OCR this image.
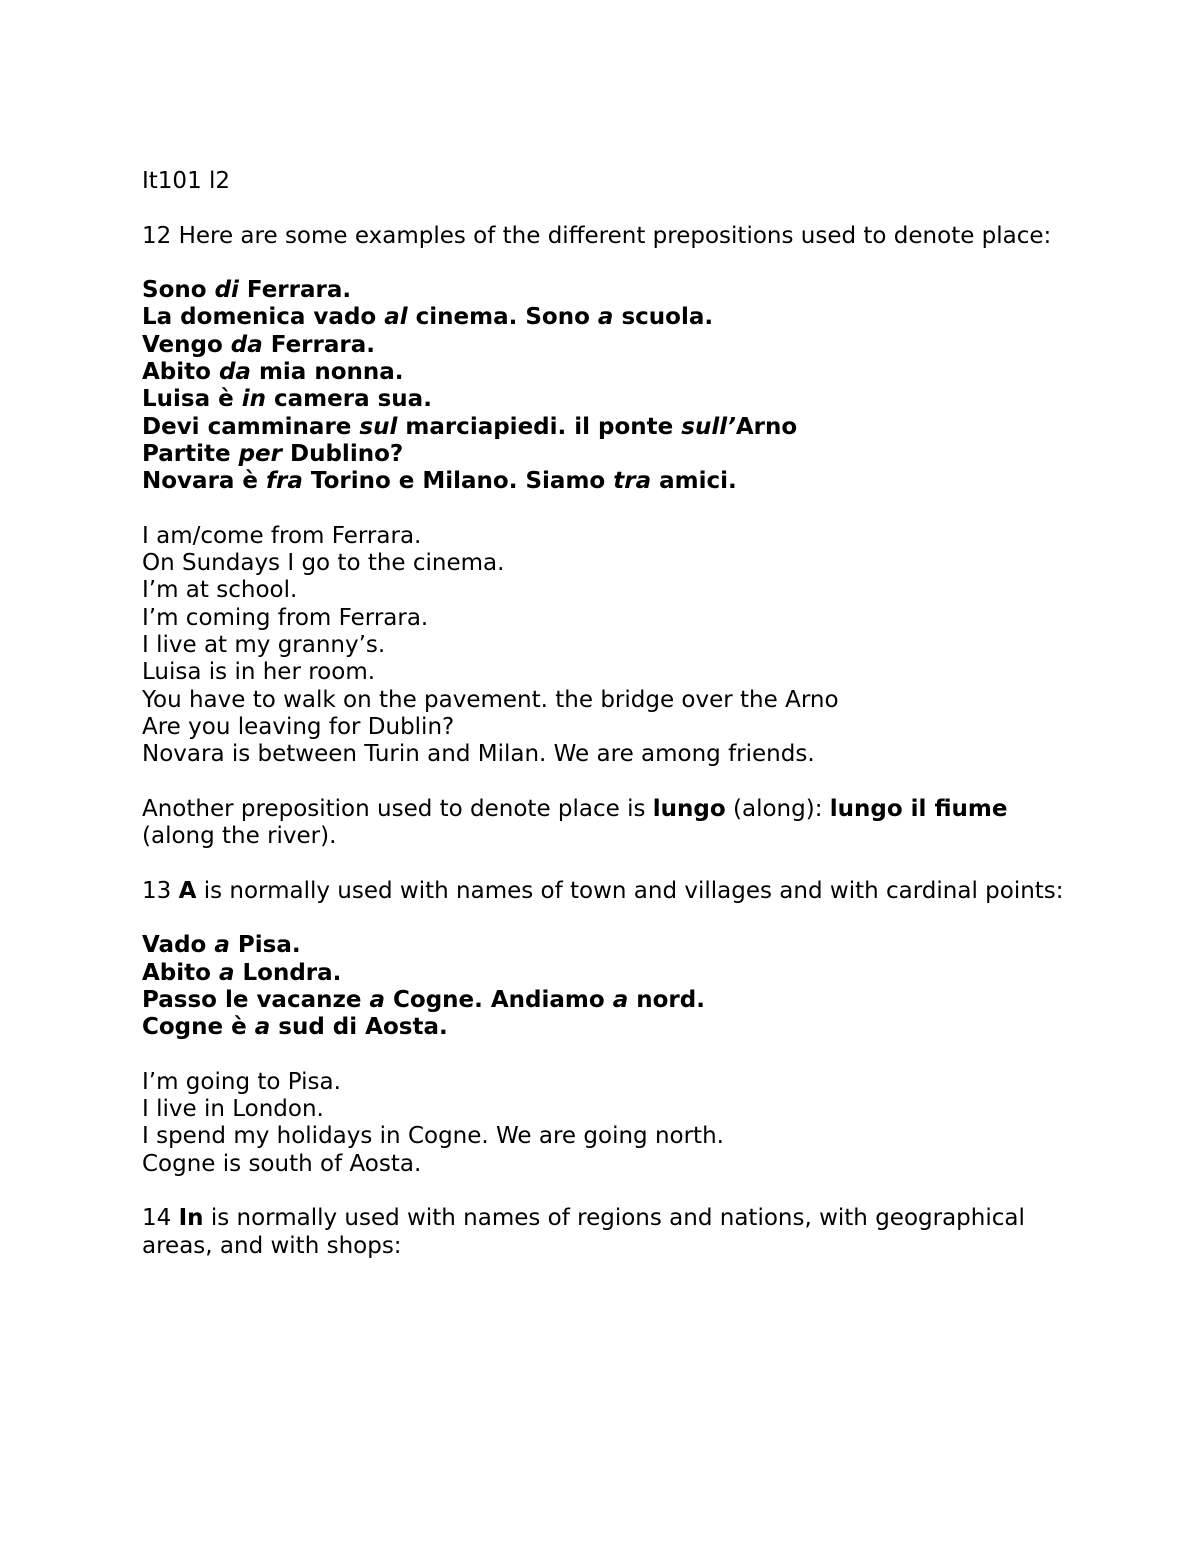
It101 l2

12 Here are some examples of the different prepositions used to denote place:

Sono di Ferrara.

La domenica vado al cinema. Sono a scuola.

Vengo da Ferrara.

Abito da mia nonna.

Luisa è in camera sua.

Devi camminare sul marciapiedi. il ponte sull’Arno

Partite per Dublino?

Novara è fra Torino e Milano. Siamo tra amici.

I am/come from Ferrara.

On Sundays I go to the cinema.

I’m at school.

I’m coming from Ferrara.

I live at my granny’s.

Luisa is in her room.

You have to walk on the pavement. the bridge over the Arno

Are you leaving for Dublin?

Novara is between Turin and Milan. We are among friends.

Another preposition used to denote place is lungo (along): lungo il fiume (along the river).

13 A is normally used with names of town and villages and with cardinal points:

Vado a Pisa.

Abito a Londra.

Passo le vacanze a Cogne. Andiamo a nord.

Cogne è a sud di Aosta.

I’m going to Pisa.

I live in London.

I spend my holidays in Cogne. We are going north.

Cogne is south of Aosta.

14 In is normally used with names of regions and nations, with geographical areas, and with shops:
